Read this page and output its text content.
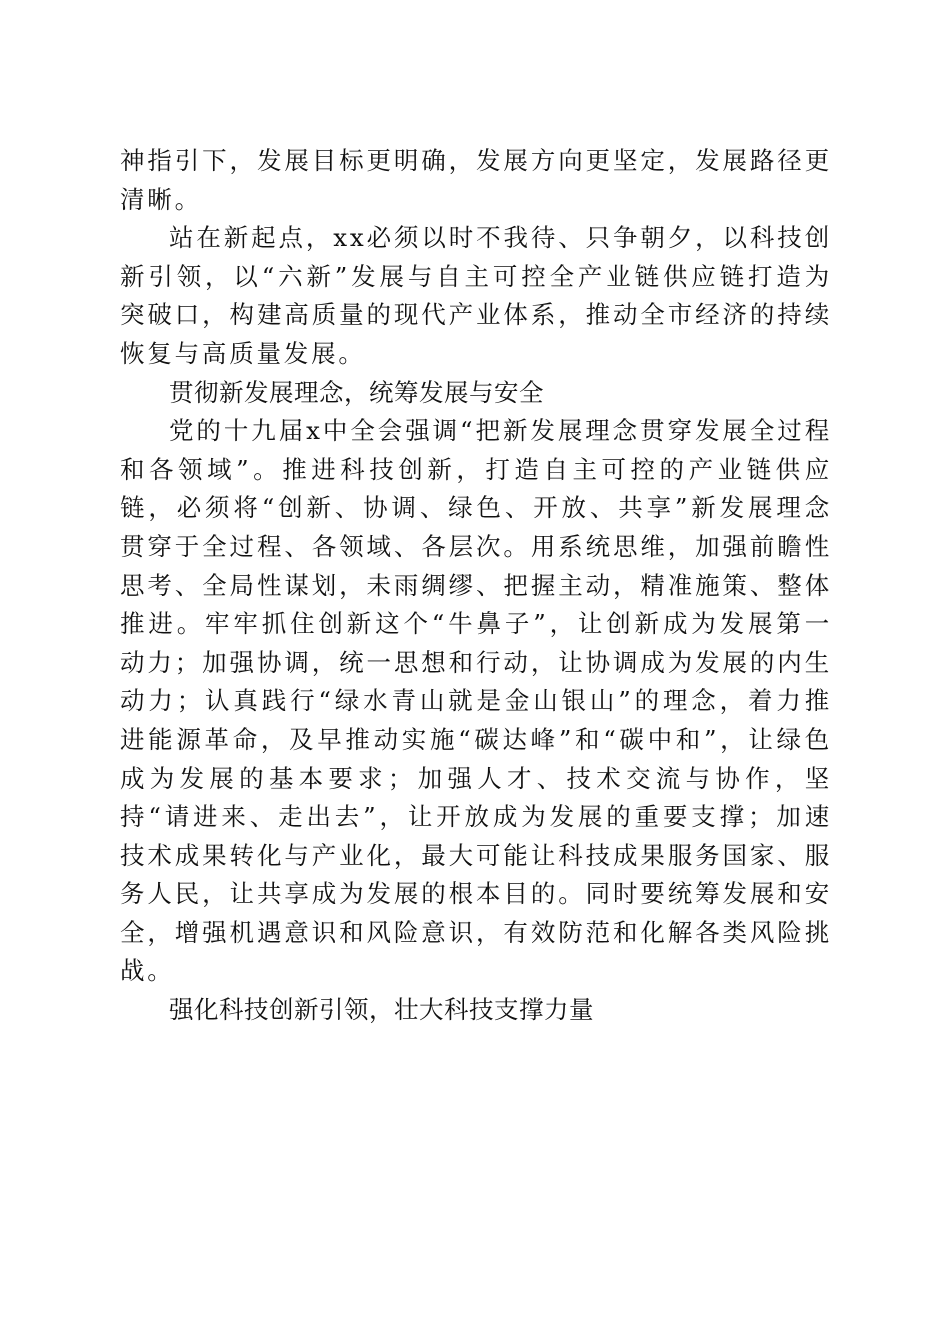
神指引下，发展目标更明确，发展方向更坚定，发展路径更清晰。

站在新起点，xx必须以时不我待、只争朝夕，以科技创新引领，以“六新”发展与自主可控全产业链供应链打造为突破口，构建高质量的现代产业体系，推动全市经济的持续恢复与高质量发展。

贯彻新发展理念，统筹发展与安全

党的十九届x中全会强调“把新发展理念贯穿发展全过程和各领域”。推进科技创新，打造自主可控的产业链供应链，必须将“创新、协调、绿色、开放、共享”新发展理念贯穿于全过程、各领域、各层次。用系统思维，加强前瞻性思考、全局性谋划，未雨绸缪、把握主动，精准施策、整体推进。牢牢抓住创新这个“牛鼻子”，让创新成为发展第一动力；加强协调，统一思想和行动，让协调成为发展的内生动力；认真践行“绿水青山就是金山银山”的理念，着力推进能源革命，及早推动实施“碳达峰”和“碳中和”，让绿色成为发展的基本要求；加强人才、技术交流与协作，坚持“请进来、走出去”，让开放成为发展的重要支撑；加速技术成果转化与产业化，最大可能让科技成果服务国家、服务人民，让共享成为发展的根本目的。同时要统筹发展和安全，增强机遇意识和风险意识，有效防范和化解各类风险挑战。

强化科技创新引领，壮大科技支撑力量
